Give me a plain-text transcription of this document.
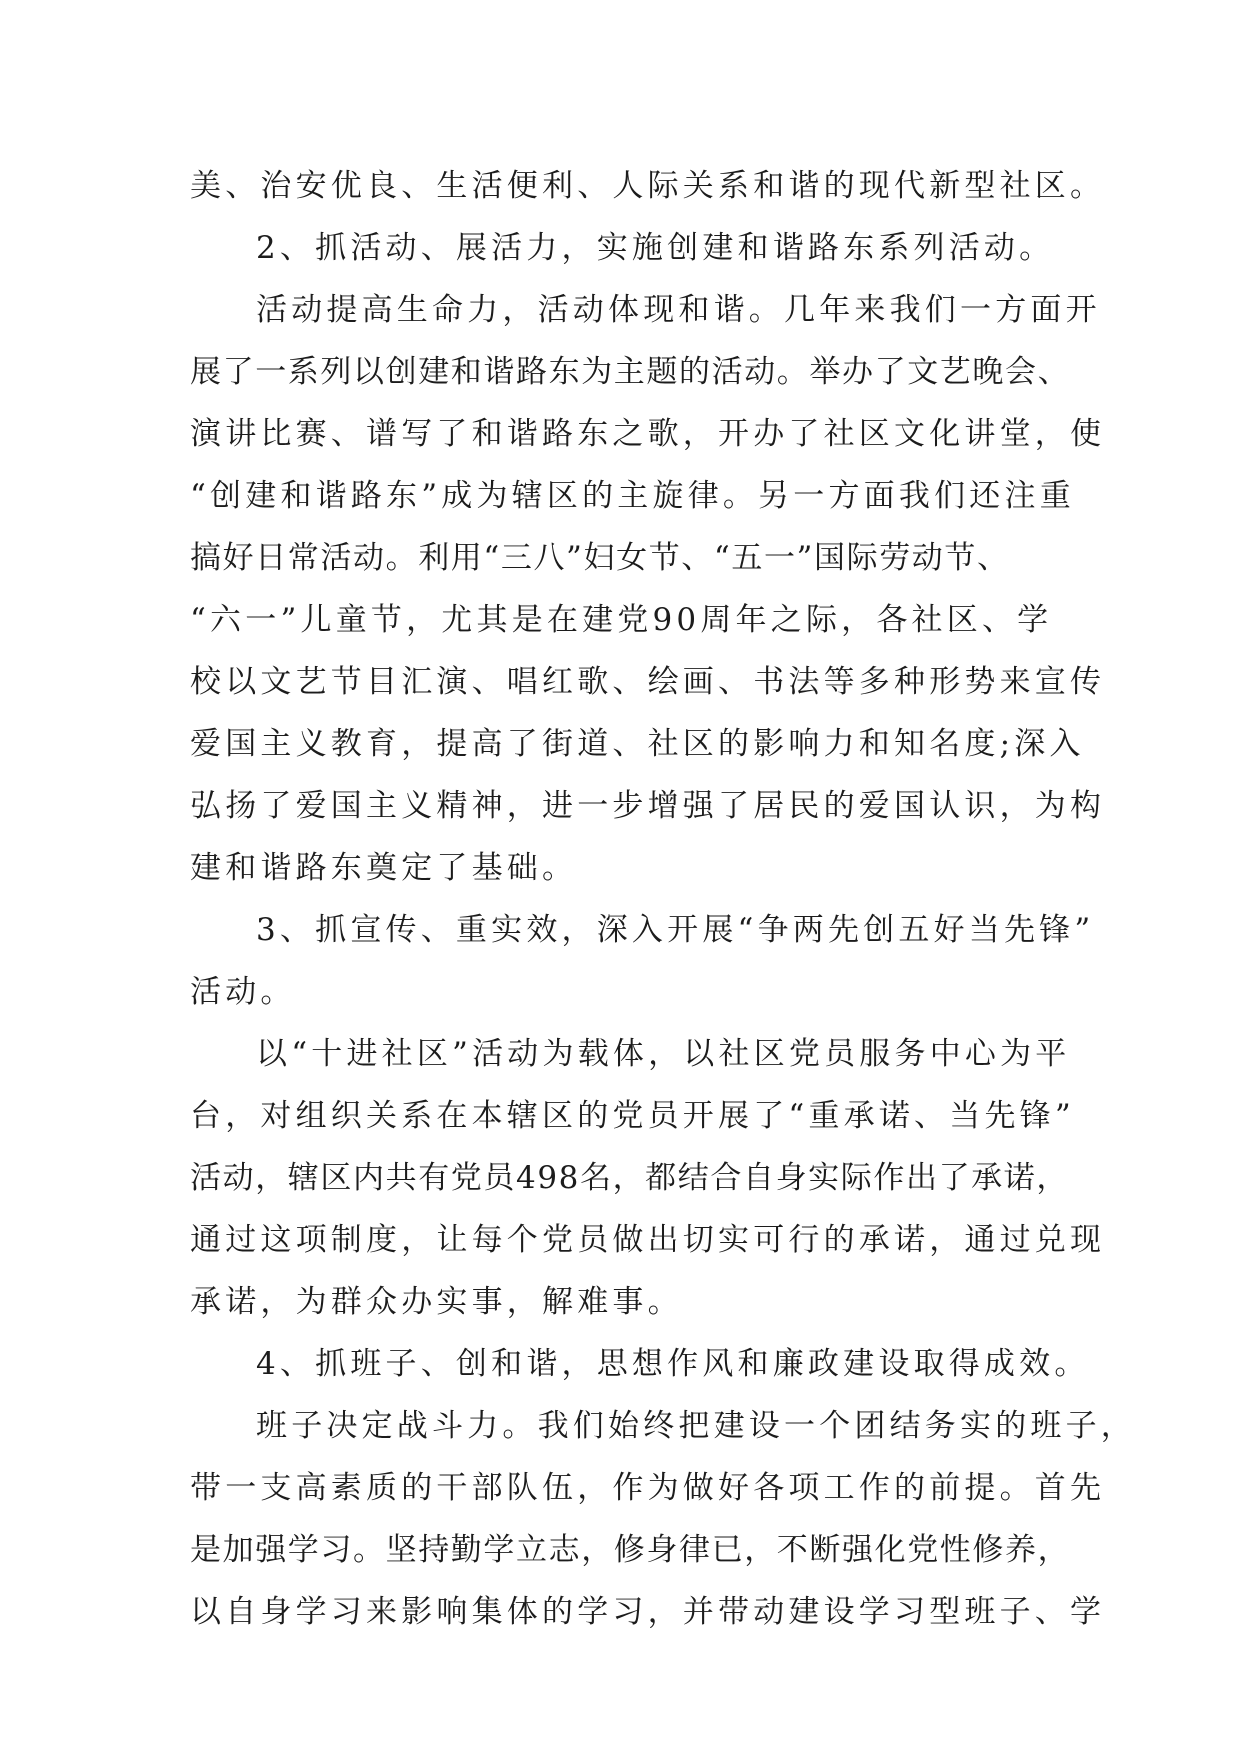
美、治安优良、生活便利、人际关系和谐的现代新型社区。
2、抓活动、展活力，实施创建和谐路东系列活动。
活动提高生命力，活动体现和谐。几年来我们一方面开
展了一系列以创建和谐路东为主题的活动。举办了文艺晚会、
演讲比赛、谱写了和谐路东之歌，开办了社区文化讲堂，使
“创建和谐路东”成为辖区的主旋律。另一方面我们还注重
搞好日常活动。利用“三八”妇女节、“五一”国际劳动节、
“六一”儿童节，尤其是在建党90周年之际，各社区、学
校以文艺节目汇演、唱红歌、绘画、书法等多种形势来宣传
爱国主义教育，提高了街道、社区的影响力和知名度;深入
弘扬了爱国主义精神，进一步增强了居民的爱国认识，为构
建和谐路东奠定了基础。
3、抓宣传、重实效，深入开展“争两先创五好当先锋”
活动。
以“十进社区”活动为载体，以社区党员服务中心为平
台，对组织关系在本辖区的党员开展了“重承诺、当先锋”
活动，辖区内共有党员498名，都结合自身实际作出了承诺，
通过这项制度，让每个党员做出切实可行的承诺，通过兑现
承诺，为群众办实事，解难事。
4、抓班子、创和谐，思想作风和廉政建设取得成效。
班子决定战斗力。我们始终把建设一个团结务实的班子，
带一支高素质的干部队伍，作为做好各项工作的前提。首先
是加强学习。坚持勤学立志，修身律已，不断强化党性修养，
以自身学习来影响集体的学习，并带动建设学习型班子、学
